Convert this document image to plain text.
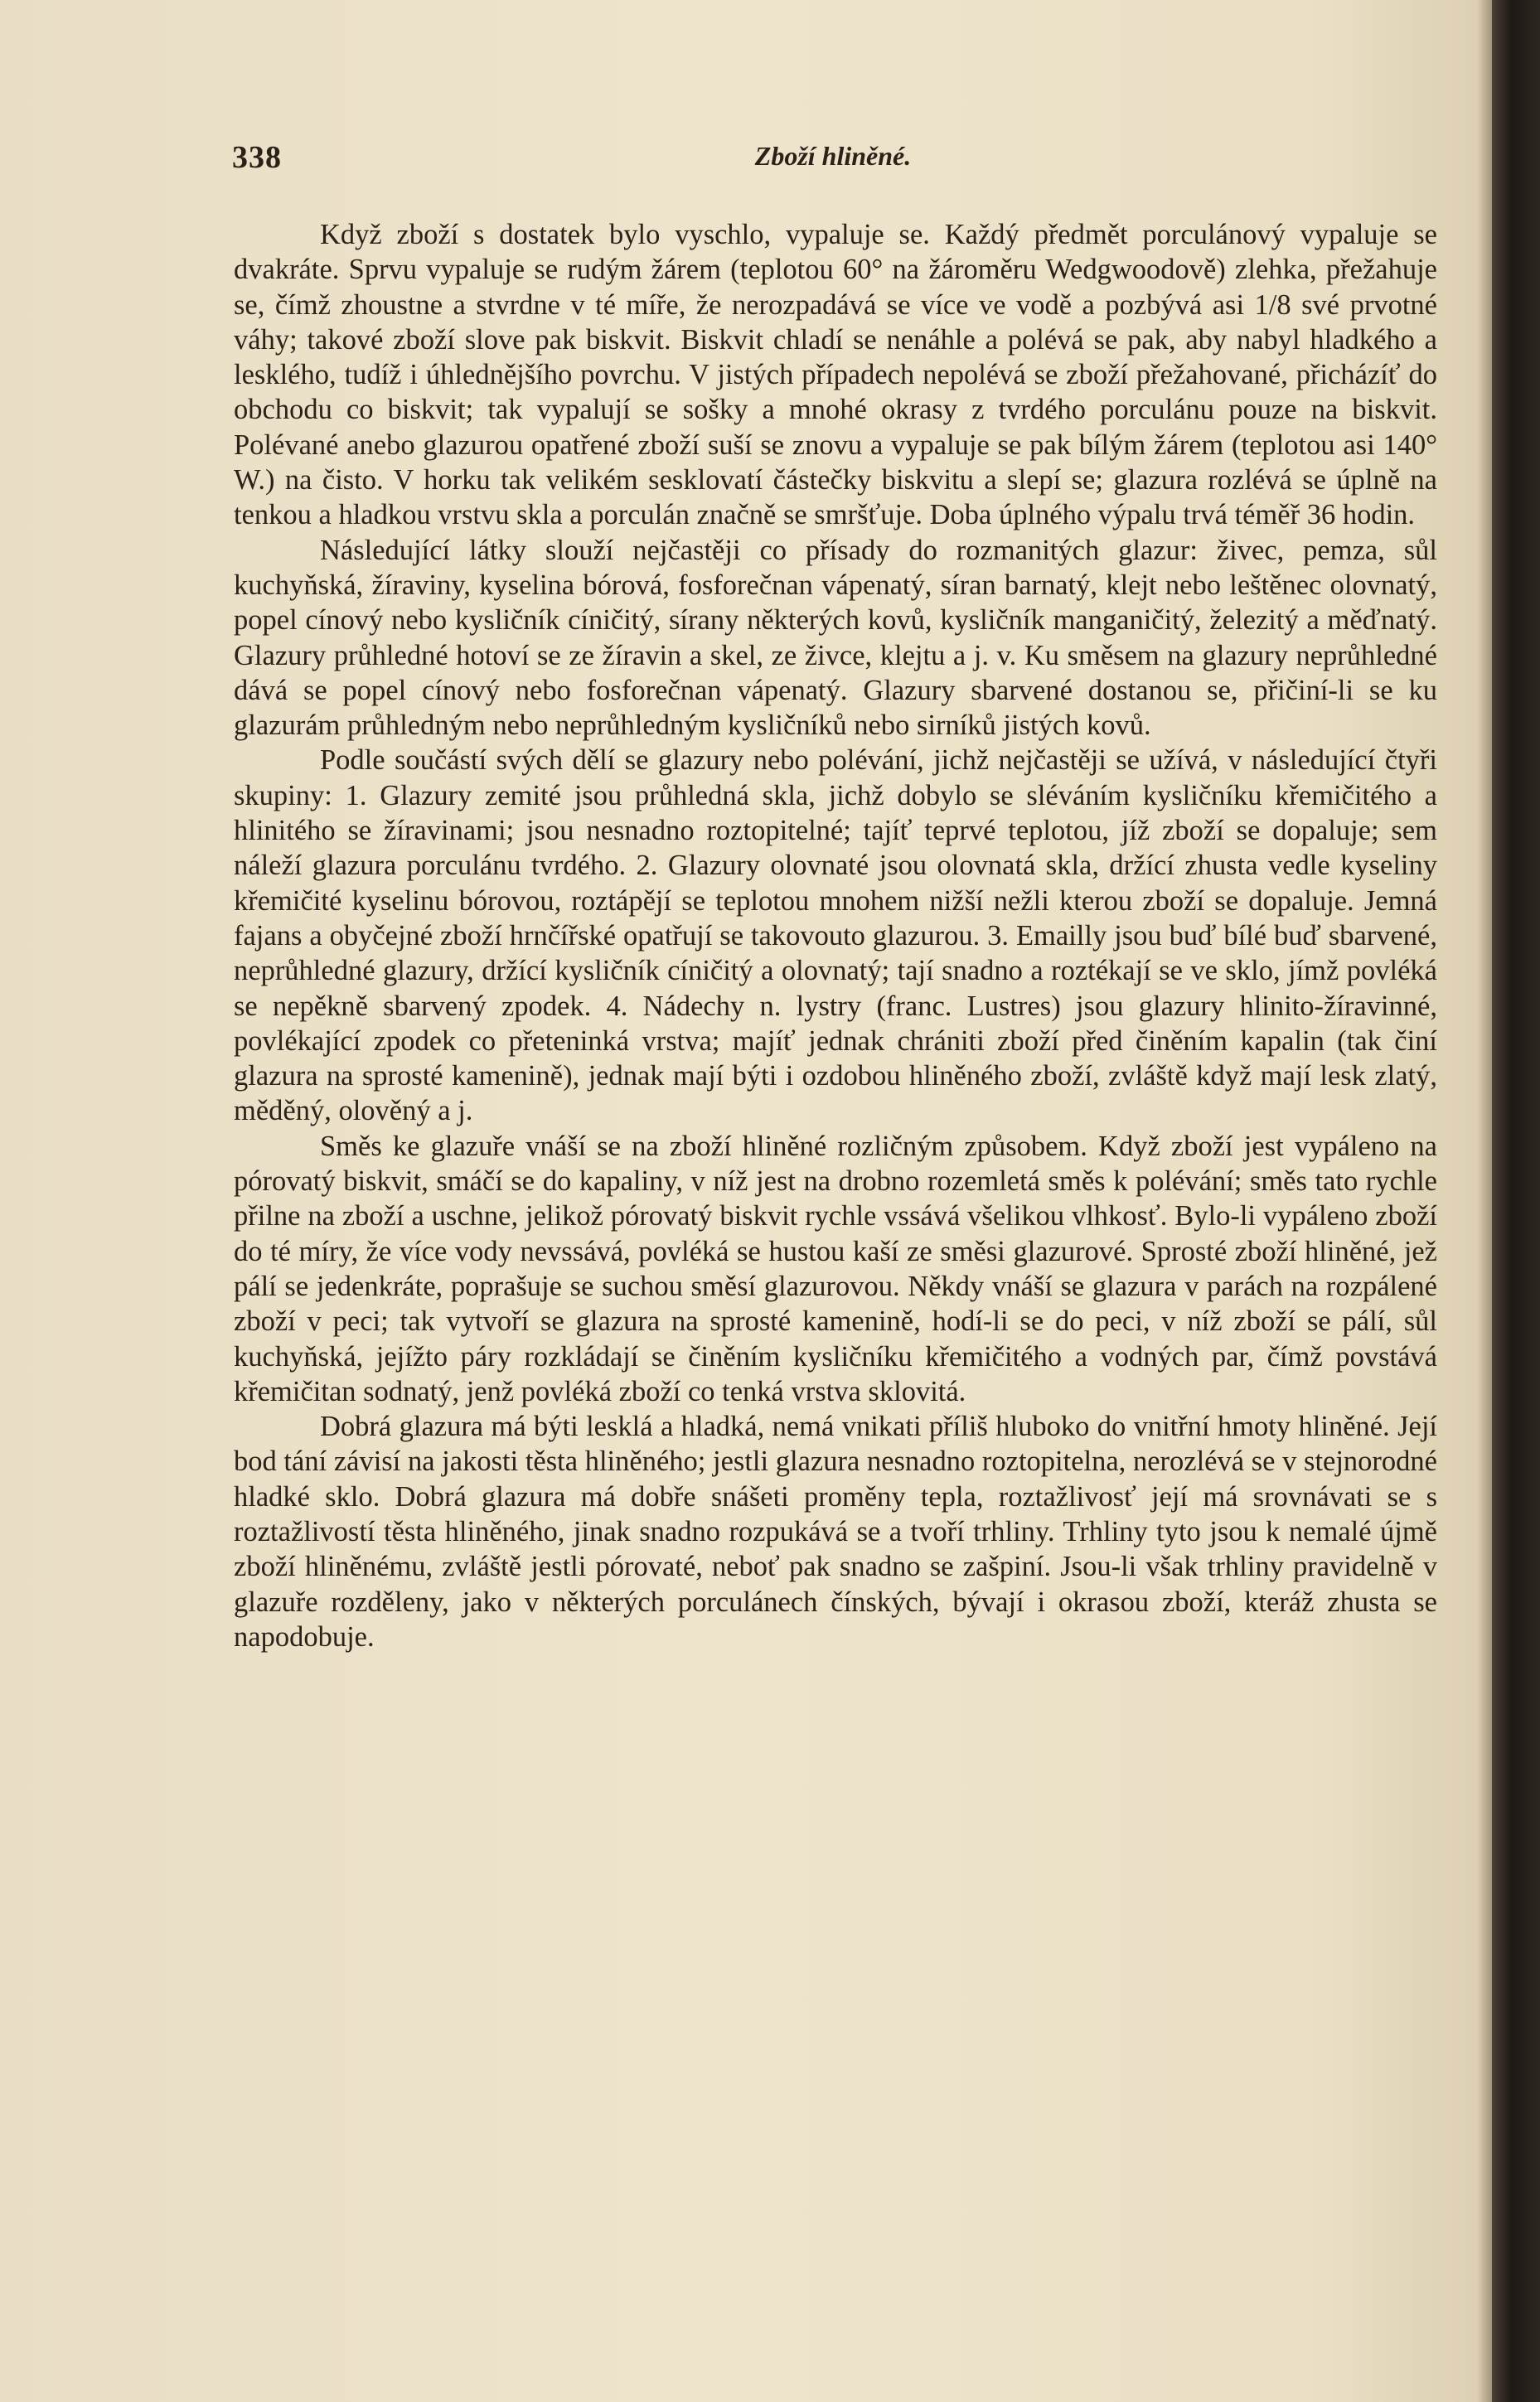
338	Zboží hliněné.

Když zboží s dostatek bylo vyschlo, vypaluje se. Každý předmět porculánový vypaluje se dvakráte. Sprvu vypaluje se rudým žárem (teplotou 60° na žároměru Wedgwoodově) zlehka, přežahuje se, čímž zhoustne a stvrdne v té míře, že nerozpadává se více ve vodě a pozbývá asi 1/8 své prvotné váhy; takové zboží slove pak biskvit. Biskvit chladí se nenáhle a polévá se pak, aby nabyl hladkého a lesklého, tudíž i úhlednějšího povrchu. V jistých případech nepolévá se zboží přežahované, přicházíť do obchodu co biskvit; tak vypalují se sošky a mnohé okrasy z tvrdého porculánu pouze na biskvit. Polévané anebo glazurou opatřené zboží suší se znovu a vypaluje se pak bílým žárem (teplotou asi 140° W.) na čisto. V horku tak velikém sesklovatí částečky biskvitu a slepí se; glazura rozlévá se úplně na tenkou a hladkou vrstvu skla a porculán značně se smršťuje. Doba úplného výpalu trvá téměř 36 hodin.

Následující látky slouží nejčastěji co přísady do rozmanitých glazur: živec, pemza, sůl kuchyňská, žíraviny, kyselina bórová, fosforečnan vápenatý, síran barnatý, klejt nebo leštěnec olovnatý, popel cínový nebo kysličník cíničitý, sírany některých kovů, kysličník manganičitý, železitý a měďnatý. Glazury průhledné hotoví se ze žíravin a skel, ze živce, klejtu a j. v. Ku směsem na glazury neprůhledné dává se popel cínový nebo fosforečnan vápenatý. Glazury sbarvené dostanou se, přičiní-li se ku glazurám průhledným nebo neprůhledným kysličníků nebo sirníků jistých kovů.

Podle součástí svých dělí se glazury nebo polévání, jichž nejčastěji se užívá, v následující čtyři skupiny: 1. Glazury zemité jsou průhledná skla, jichž dobylo se sléváním kysličníku křemičitého a hlinitého se žíravinami; jsou nesnadno roztopitelné; tajíť teprvé teplotou, jíž zboží se dopaluje; sem náleží glazura porculánu tvrdého. 2. Glazury olovnaté jsou olovnatá skla, držící zhusta vedle kyseliny křemičité kyselinu bórovou, roztápějí se teplotou mnohem nižší nežli kterou zboží se dopaluje. Jemná fajans a obyčejné zboží hrnčířské opatřují se takovouto glazurou. 3. Emailly jsou buď bílé buď sbarvené, neprůhledné glazury, držící kysličník cíničitý a olovnatý; tají snadno a roztékají se ve sklo, jímž povléká se nepěkně sbarvený zpodek. 4. Nádechy n. lystry (franc. Lustres) jsou glazury hlinito-žíravinné, povlékající zpodek co přeteninká vrstva; majíť jednak chrániti zboží před činěním kapalin (tak činí glazura na sprosté kamenině), jednak mají býti i ozdobou hliněného zboží, zvláště když mají lesk zlatý, měděný, olověný a j.

Směs ke glazuře vnáší se na zboží hliněné rozličným způsobem. Když zboží jest vypáleno na pórovatý biskvit, smáčí se do kapaliny, v níž jest na drobno rozemletá směs k polévání; směs tato rychle přilne na zboží a uschne, jelikož pórovatý biskvit rychle vssává všelikou vlhkosť. Bylo-li vypáleno zboží do té míry, že více vody nevssává, povléká se hustou kaší ze směsi glazurové. Sprosté zboží hliněné, jež pálí se jedenkráte, poprašuje se suchou směsí glazurovou. Někdy vnáší se glazura v parách na rozpálené zboží v peci; tak vytvoří se glazura na sprosté kamenině, hodí-li se do peci, v níž zboží se pálí, sůl kuchyňská, jejížto páry rozkládají se činěním kysličníku křemičitého a vodných par, čímž povstává křemičitan sodnatý, jenž povléká zboží co tenká vrstva sklovitá.

Dobrá glazura má býti lesklá a hladká, nemá vnikati příliš hluboko do vnitřní hmoty hliněné. Její bod tání závisí na jakosti těsta hliněného; jestli glazura nesnadno roztopitelna, nerozlévá se v stejnorodné hladké sklo. Dobrá glazura má dobře snášeti proměny tepla, roztažlivosť její má srovnávati se s roztažlivostí těsta hliněného, jinak snadno rozpukává se a tvoří trhliny. Trhliny tyto jsou k nemalé újmě zboží hliněnému, zvláště jestli pórovaté, neboť pak snadno se zašpiní. Jsou-li však trhliny pravidelně v glazuře rozděleny, jako v některých porculánech čínských, bývají i okrasou zboží, kteráž zhusta se napodobuje.
